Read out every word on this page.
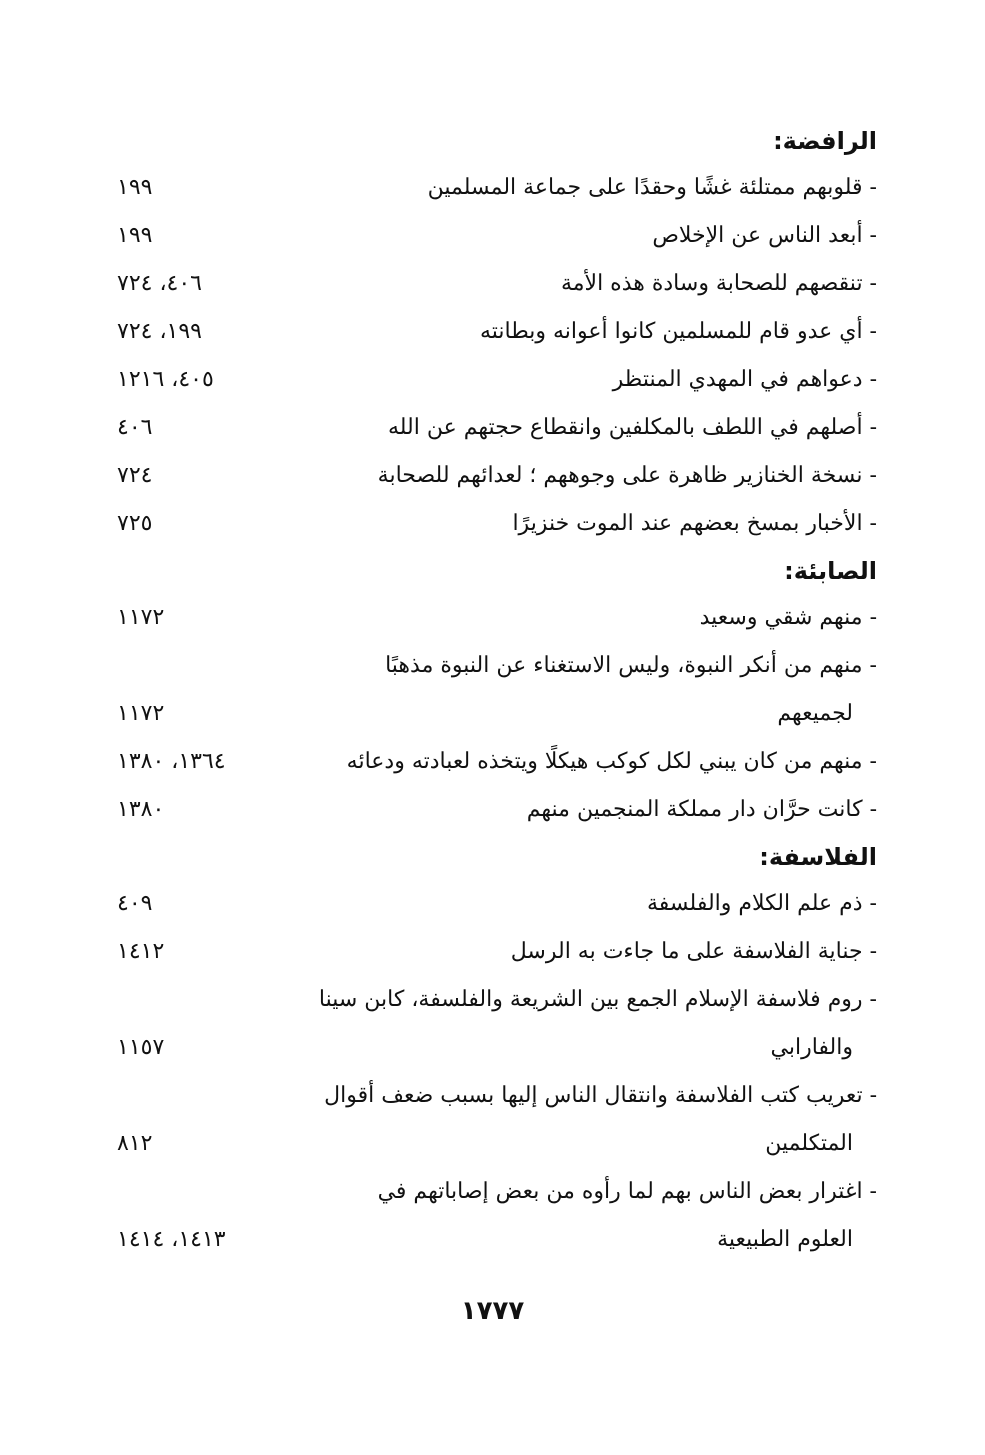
الرافضة:
- قلوبهم ممتلئة غشًا وحقدًا على جماعة المسلمين
١٩٩
- أبعد الناس عن الإخلاص
١٩٩
- تنقصهم للصحابة وسادة هذه الأمة
٤٠٦، ٧٢٤
- أي عدو قام للمسلمين كانوا أعوانه وبطانته
١٩٩، ٧٢٤
- دعواهم في المهدي المنتظر
٤٠٥، ١٢١٦
- أصلهم في اللطف بالمكلفين وانقطاع حجتهم عن الله
٤٠٦
- نسخة الخنازير ظاهرة على وجوههم ؛ لعدائهم للصحابة
٧٢٤
- الأخبار بمسخ بعضهم عند الموت خنزيرًا
٧٢٥
الصابئة:
- منهم شقي وسعيد
١١٧٢
- منهم من أنكر النبوة، وليس الاستغناء عن النبوة مذهبًا
لجميعهم
١١٧٢
- منهم من كان يبني لكل كوكب هيكلًا ويتخذه لعبادته ودعائه
١٣٦٤، ١٣٨٠
- كانت حرَّان دار مملكة المنجمين منهم
١٣٨٠
الفلاسفة:
- ذم علم الكلام والفلسفة
٤٠٩
- جناية الفلاسفة على ما جاءت به الرسل
١٤١٢
- روم فلاسفة الإسلام الجمع بين الشريعة والفلسفة، كابن سينا
والفارابي
١١٥٧
- تعريب كتب الفلاسفة وانتقال الناس إليها بسبب ضعف أقوال
المتكلمين
٨١٢
- اغترار بعض الناس بهم لما رأوه من بعض إصاباتهم في
العلوم الطبيعية
١٤١٣، ١٤١٤
١٧٧٧
